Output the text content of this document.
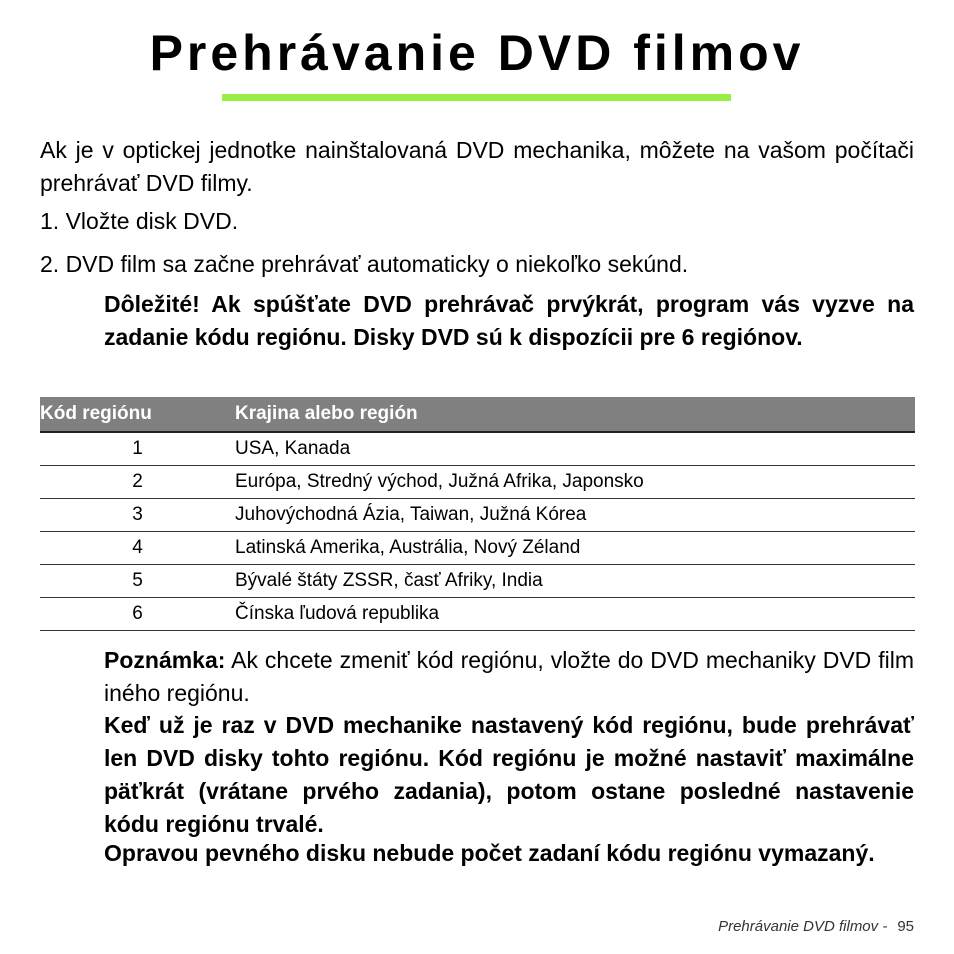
Prehrávanie DVD filmov

Ak je v optickej jednotke nainštalovaná DVD mechanika, môžete na vašom počítači prehrávať DVD filmy.

1. Vložte disk DVD.

2. DVD film sa začne prehrávať automaticky o niekoľko sekúnd.

Dôležité! Ak spúšťate DVD prehrávač prvýkrát, program vás vyzve na zadanie kódu regiónu. Disky DVD sú k dispozícii pre 6 regiónov.

Kód regiónu	Krajina alebo región
1	USA, Kanada
2	Európa, Stredný východ, Južná Afrika, Japonsko
3	Juhovýchodná Ázia, Taiwan, Južná Kórea
4	Latinská Amerika, Austrália, Nový Zéland
5	Bývalé štáty ZSSR, časť Afriky, India
6	Čínska ľudová republika

Poznámka: Ak chcete zmeniť kód regiónu, vložte do DVD mechaniky DVD film iného regiónu.

Keď už je raz v DVD mechanike nastavený kód regiónu, bude prehrávať len DVD disky tohto regiónu. Kód regiónu je možné nastaviť maximálne päťkrát (vrátane prvého zadania), potom ostane posledné nastavenie kódu regiónu trvalé.

Opravou pevného disku nebude počet zadaní kódu regiónu vymazaný.

Prehrávanie DVD filmov - 95
